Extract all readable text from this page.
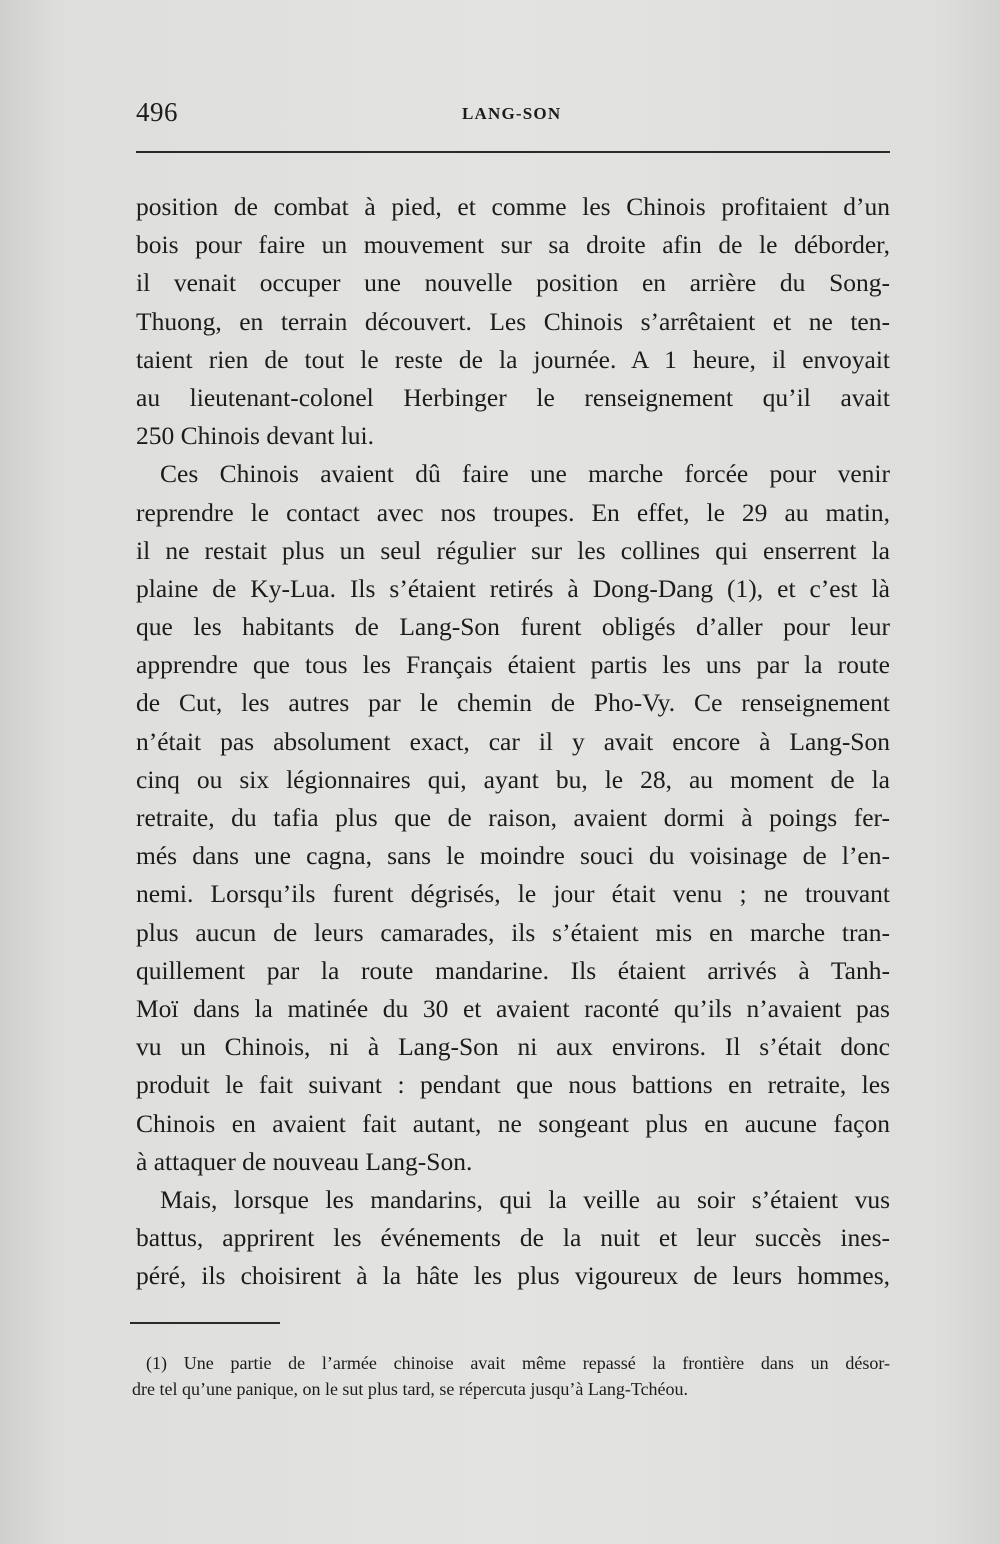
496	LANG-SON
position de combat à pied, et comme les Chinois profitaient d’un
bois pour faire un mouvement sur sa droite afin de le déborder,
il venait occuper une nouvelle position en arrière du Song-
Thuong, en terrain découvert. Les Chinois s’arrêtaient et ne ten-
taient rien de tout le reste de la journée. A 1 heure, il envoyait
au lieutenant-colonel Herbinger le renseignement qu’il avait
250 Chinois devant lui.
Ces Chinois avaient dû faire une marche forcée pour venir
reprendre le contact avec nos troupes. En effet, le 29 au matin,
il ne restait plus un seul régulier sur les collines qui enserrent la
plaine de Ky-Lua. Ils s’étaient retirés à Dong-Dang (1), et c’est là
que les habitants de Lang-Son furent obligés d’aller pour leur
apprendre que tous les Français étaient partis les uns par la route
de Cut, les autres par le chemin de Pho-Vy. Ce renseignement
n’était pas absolument exact, car il y avait encore à Lang-Son
cinq ou six légionnaires qui, ayant bu, le 28, au moment de la
retraite, du tafia plus que de raison, avaient dormi à poings fer-
més dans une cagna, sans le moindre souci du voisinage de l’en-
nemi. Lorsqu’ils furent dégrisés, le jour était venu ; ne trouvant
plus aucun de leurs camarades, ils s’étaient mis en marche tran-
quillement par la route mandarine. Ils étaient arrivés à Tanh-
Moï dans la matinée du 30 et avaient raconté qu’ils n’avaient pas
vu un Chinois, ni à Lang-Son ni aux environs. Il s’était donc
produit le fait suivant : pendant que nous battions en retraite, les
Chinois en avaient fait autant, ne songeant plus en aucune façon
à attaquer de nouveau Lang-Son.
Mais, lorsque les mandarins, qui la veille au soir s’étaient vus
battus, apprirent les événements de la nuit et leur succès ines-
péré, ils choisirent à la hâte les plus vigoureux de leurs hommes,
(1) Une partie de l’armée chinoise avait même repassé la frontière dans un désor-
dre tel qu’une panique, on le sut plus tard, se répercuta jusqu’à Lang-Tchéou.
